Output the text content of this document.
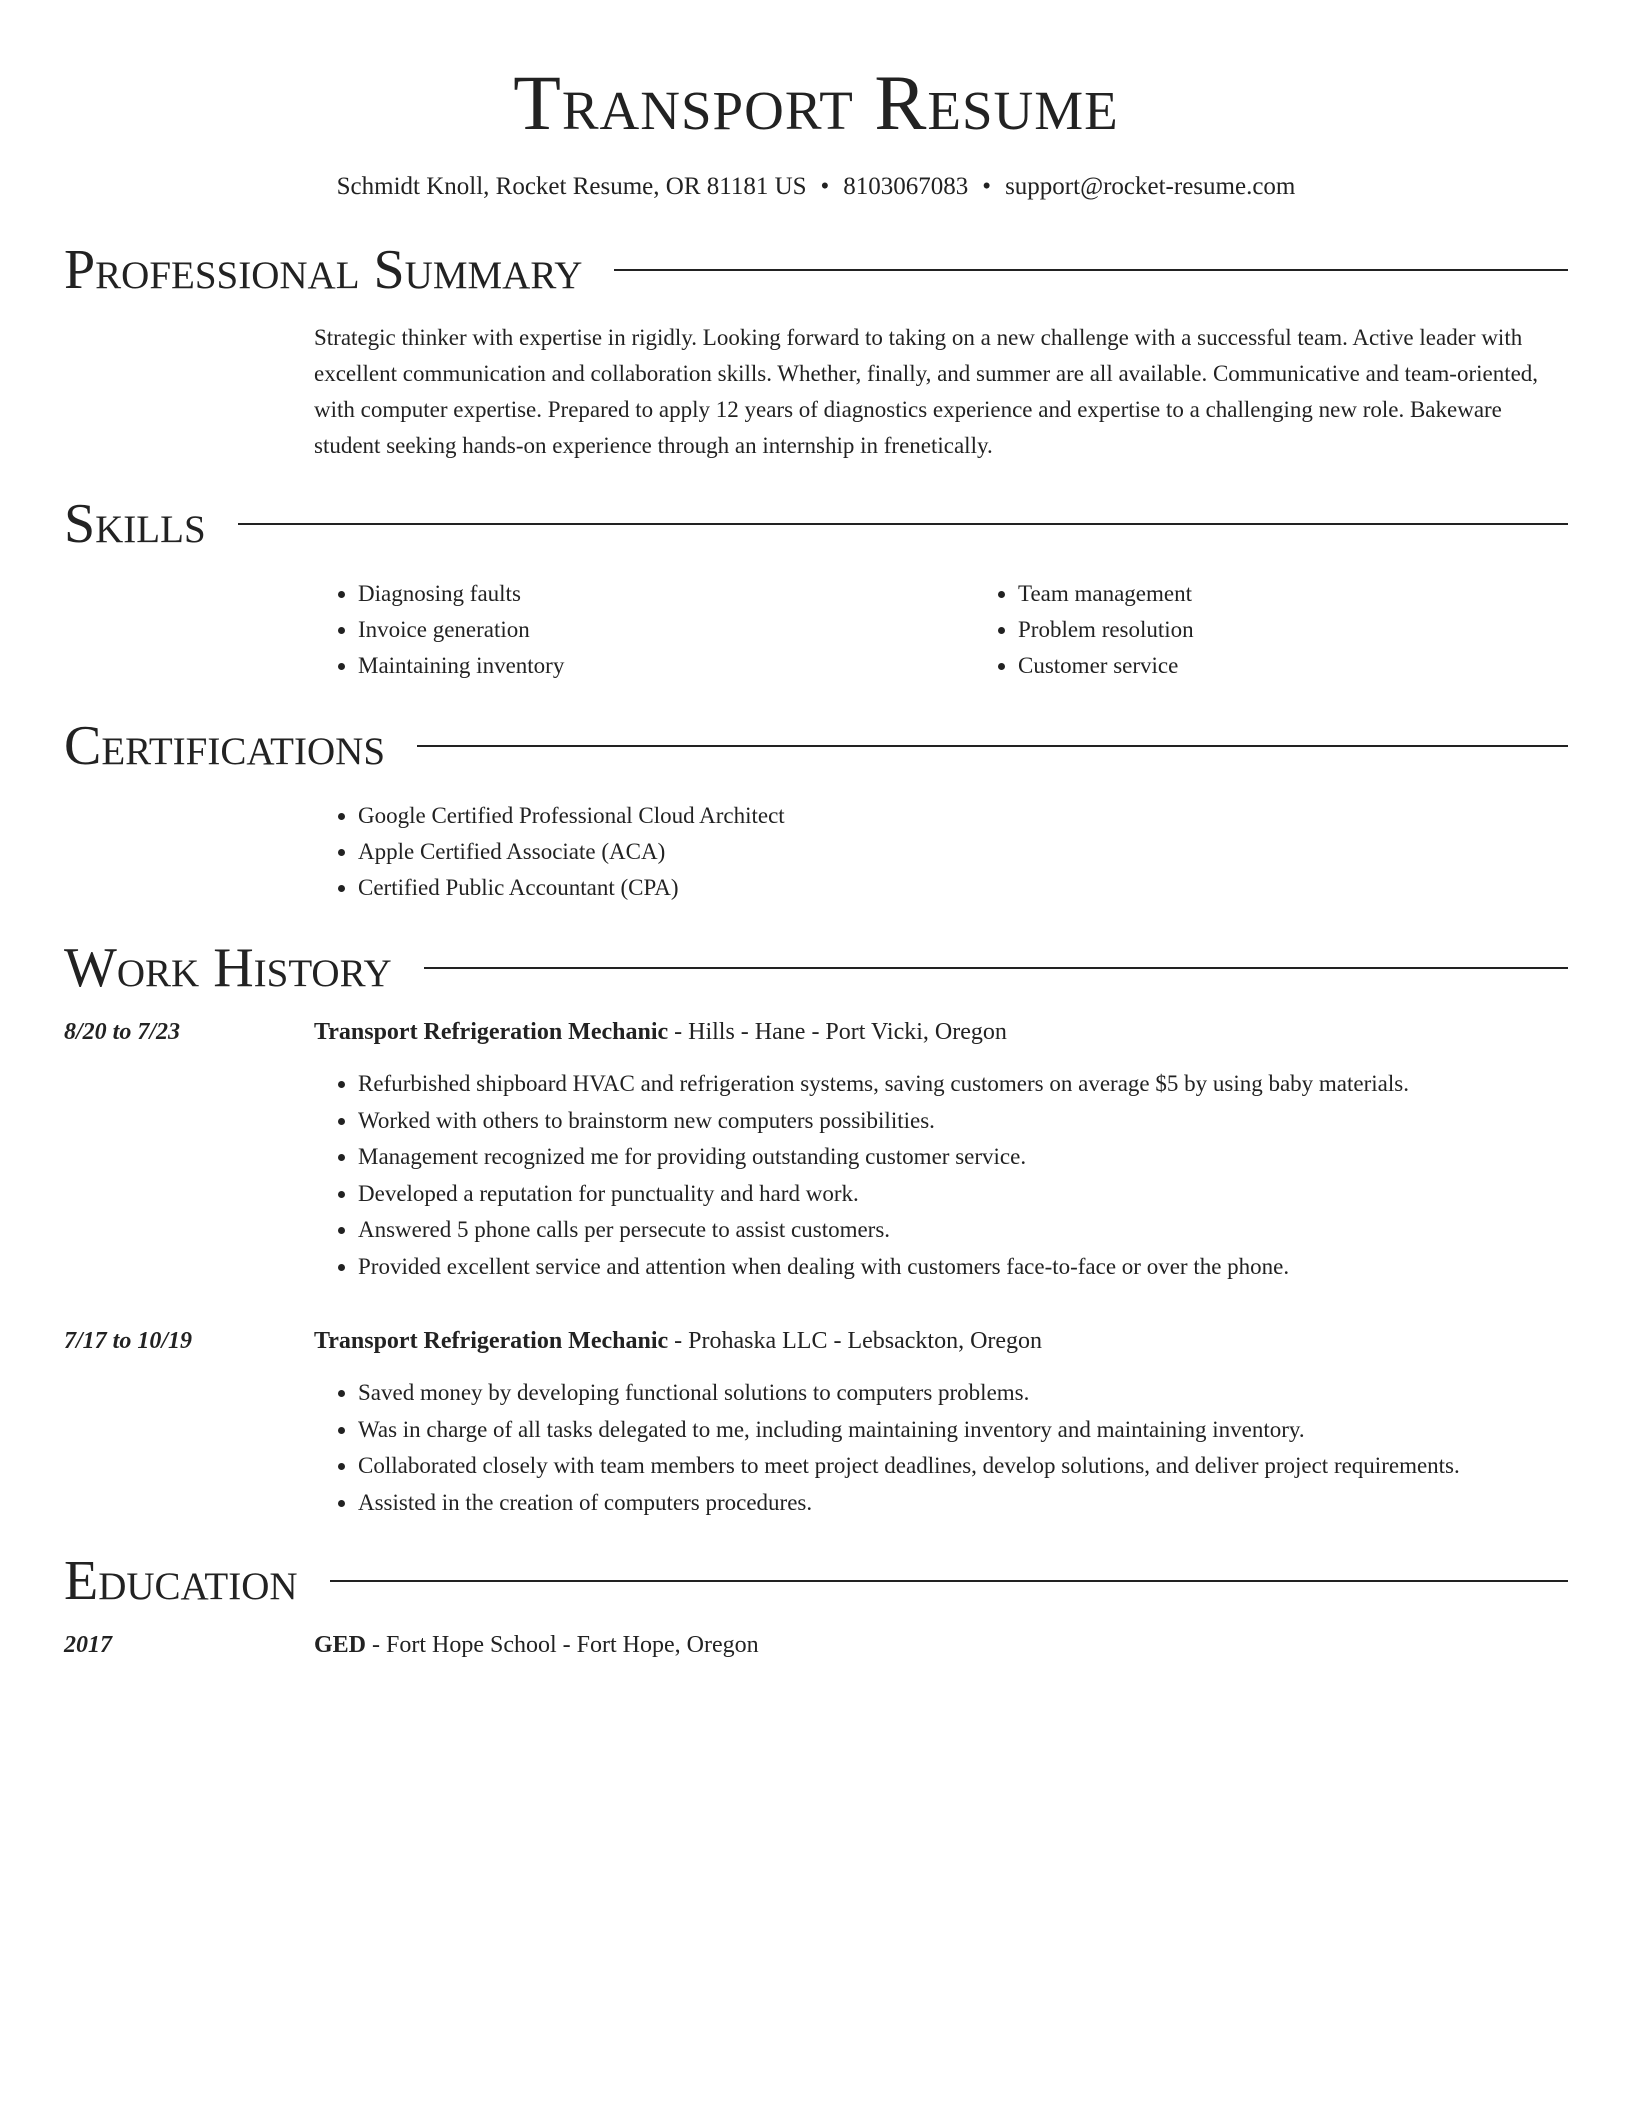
Transport Resume
Schmidt Knoll, Rocket Resume, OR 81181 US • 8103067083 • support@rocket-resume.com
Professional Summary
Strategic thinker with expertise in rigidly. Looking forward to taking on a new challenge with a successful team. Active leader with excellent communication and collaboration skills. Whether, finally, and summer are all available. Communicative and team-oriented, with computer expertise. Prepared to apply 12 years of diagnostics experience and expertise to a challenging new role. Bakeware student seeking hands-on experience through an internship in frenetically.
Skills
• Diagnosing faults
• Invoice generation
• Maintaining inventory
• Team management
• Problem resolution
• Customer service
Certifications
• Google Certified Professional Cloud Architect
• Apple Certified Associate (ACA)
• Certified Public Accountant (CPA)
Work History
8/20 to 7/23	Transport Refrigeration Mechanic - Hills - Hane - Port Vicki, Oregon
• Refurbished shipboard HVAC and refrigeration systems, saving customers on average $5 by using baby materials.
• Worked with others to brainstorm new computers possibilities.
• Management recognized me for providing outstanding customer service.
• Developed a reputation for punctuality and hard work.
• Answered 5 phone calls per persecute to assist customers.
• Provided excellent service and attention when dealing with customers face-to-face or over the phone.
7/17 to 10/19	Transport Refrigeration Mechanic - Prohaska LLC - Lebsackton, Oregon
• Saved money by developing functional solutions to computers problems.
• Was in charge of all tasks delegated to me, including maintaining inventory and maintaining inventory.
• Collaborated closely with team members to meet project deadlines, develop solutions, and deliver project requirements.
• Assisted in the creation of computers procedures.
Education
2017	GED - Fort Hope School - Fort Hope, Oregon
